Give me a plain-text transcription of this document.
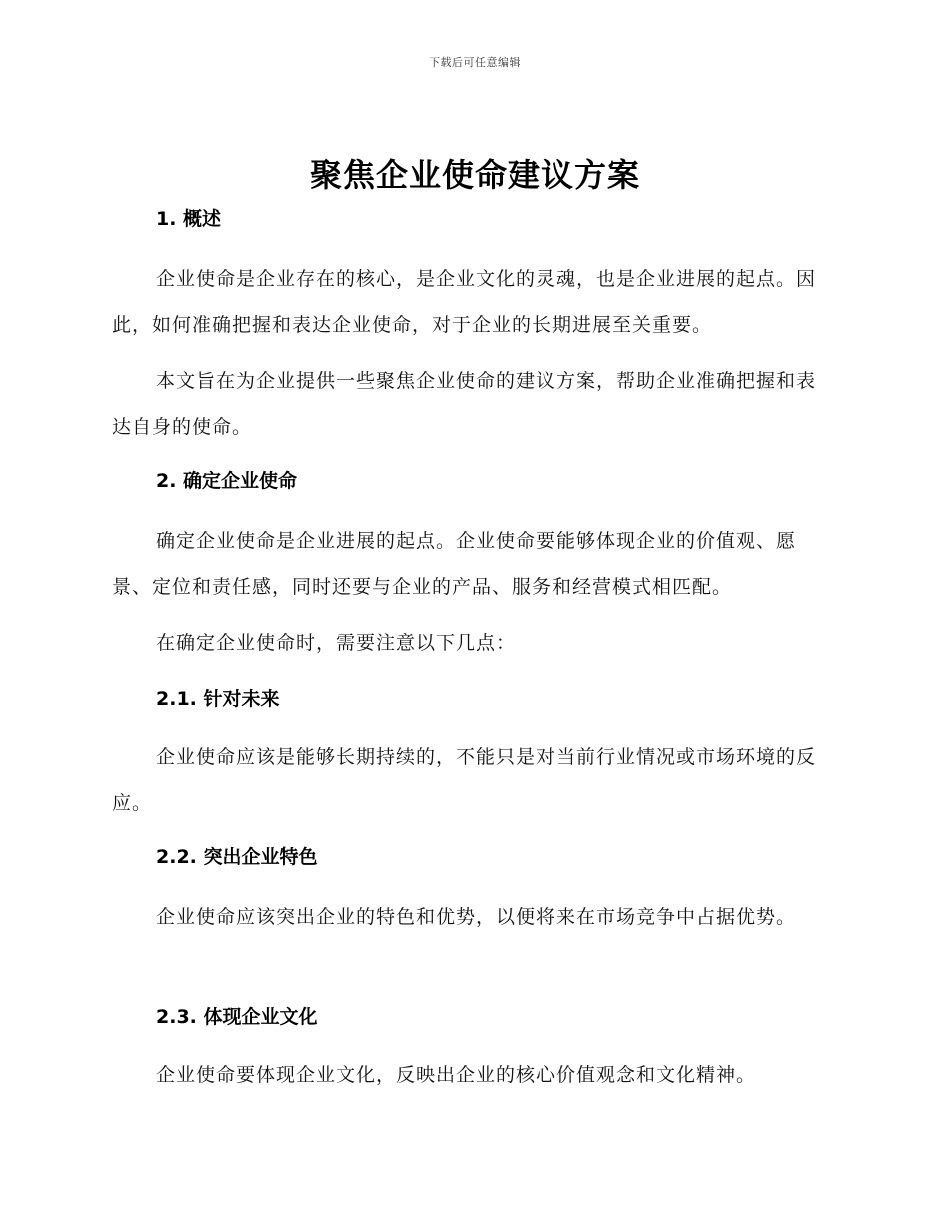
下载后可任意编辑
聚焦企业使命建议方案
1. 概述

企业使命是企业存在的核心，是企业文化的灵魂，也是企业进展的起点。因此，如何准确把握和表达企业使命，对于企业的长期进展至关重要。

本文旨在为企业提供一些聚焦企业使命的建议方案，帮助企业准确把握和表达自身的使命。

2. 确定企业使命

确定企业使命是企业进展的起点。企业使命要能够体现企业的价值观、愿景、定位和责任感，同时还要与企业的产品、服务和经营模式相匹配。

在确定企业使命时，需要注意以下几点：

2.1. 针对未来

企业使命应该是能够长期持续的，不能只是对当前行业情况或市场环境的反应。

2.2. 突出企业特色

企业使命应该突出企业的特色和优势，以便将来在市场竞争中占据优势。

2.3. 体现企业文化

企业使命要体现企业文化，反映出企业的核心价值观念和文化精神。
